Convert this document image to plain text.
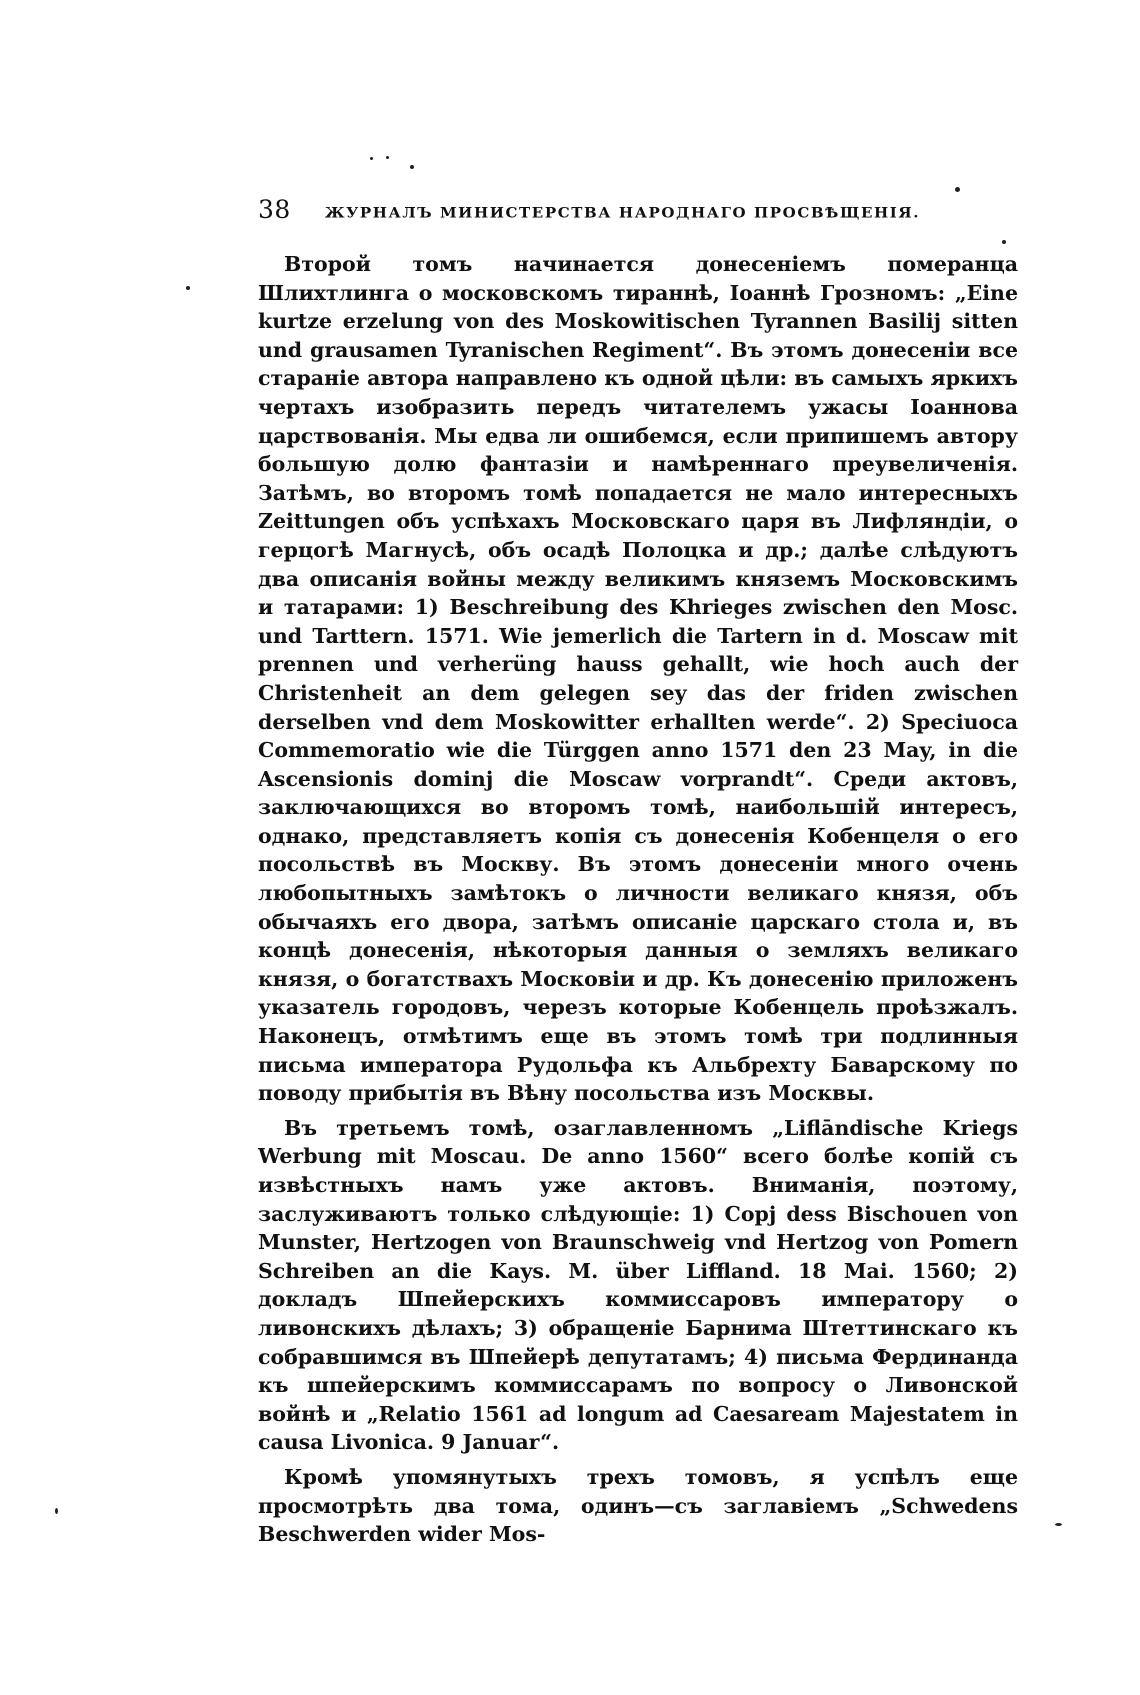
38 ЖУРНАЛЪ МИНИСТЕРСТВА НАРОДНАГО ПРОСВѢЩЕНІЯ.

Второй томъ начинается донесеніемъ померанца Шлихтлинга о московскомъ тираннѣ, Іоаннѣ Грозномъ: „Eine kurtze erzelung von des Moskowitischen Tyrannen Basilij sitten und grausamen Tyranischen Regiment“. Въ этомъ донесеніи все стараніе автора направлено къ одной цѣли: въ самыхъ яркихъ чертахъ изобразить передъ читателемъ ужасы Іоаннова царствованія. Мы едва ли ошибемся, если припишемъ автору большую долю фантазіи и намѣреннаго преувеличенія. Затѣмъ, во второмъ томѣ попадается не мало интересныхъ Zeittungen объ успѣхахъ Московскаго царя въ Лифляндіи, о герцогѣ Магнусѣ, объ осадѣ Полоцка и др.; далѣе слѣдуютъ два описанія войны между великимъ княземъ Московскимъ и татарами: 1) Beschreibung des Khrieges zwischen den Mosc. und Tarttern. 1571. Wie jemerlich die Tartern in d. Moscaw mit prennen und verherüng hauss gehallt, wie hoch auch der Christenheit an dem gelegen sey das der friden zwischen derselben vnd dem Moskowitter erhallten werde“. 2) Speciuoca Commemoratio wie die Türggen anno 1571 den 23 May, in die Ascensionis dominj die Moscaw vorprandt“. Среди актовъ, заключающихся во второмъ томѣ, наибольшій интересъ, однако, представляетъ копія съ донесенія Кобенцеля о его посольствѣ въ Москву. Въ этомъ донесеніи много очень любопытныхъ замѣтокъ о личности великаго князя, объ обычаяхъ его двора, затѣмъ описаніе царскаго стола и, въ концѣ донесенія, нѣкоторыя данныя о земляхъ великаго князя, о богатствахъ Московіи и др. Къ донесенію приложенъ указатель городовъ, черезъ которые Кобенцель проѣзжалъ. Наконецъ, отмѣтимъ еще въ этомъ томѣ три подлинныя письма императора Рудольфа къ Альбрехту Баварскому по поводу прибытія въ Вѣну посольства изъ Москвы.

Въ третьемъ томѣ, озаглавленномъ „Liflāndische Kriegs Werbung mit Moscau. De anno 1560“ всего болѣе копій съ извѣстныхъ намъ уже актовъ. Вниманія, поэтому, заслуживаютъ только слѣдующіе: 1) Copj dess Bischouen von Munster, Hertzogen von Braunschweig vnd Hertzog von Pomern Schreiben an die Kays. M. über Liffland. 18 Mai. 1560; 2) докладъ Шпейерскихъ коммиссаровъ императору о ливонскихъ дѣлахъ; 3) обращеніе Барнима Штеттинскаго къ собравшимся въ Шпейерѣ депутатамъ; 4) письма Фердинанда къ шпейерскимъ коммиссарамъ по вопросу о Ливонской войнѣ и „Relatio 1561 ad longum ad Caesaream Majestatem in causa Livonica. 9 Januar“.

Кромѣ упомянутыхъ трехъ томовъ, я успѣлъ еще просмотрѣть два тома, одинъ—съ заглавіемъ „Schwedens Beschwerden wider Mos-
